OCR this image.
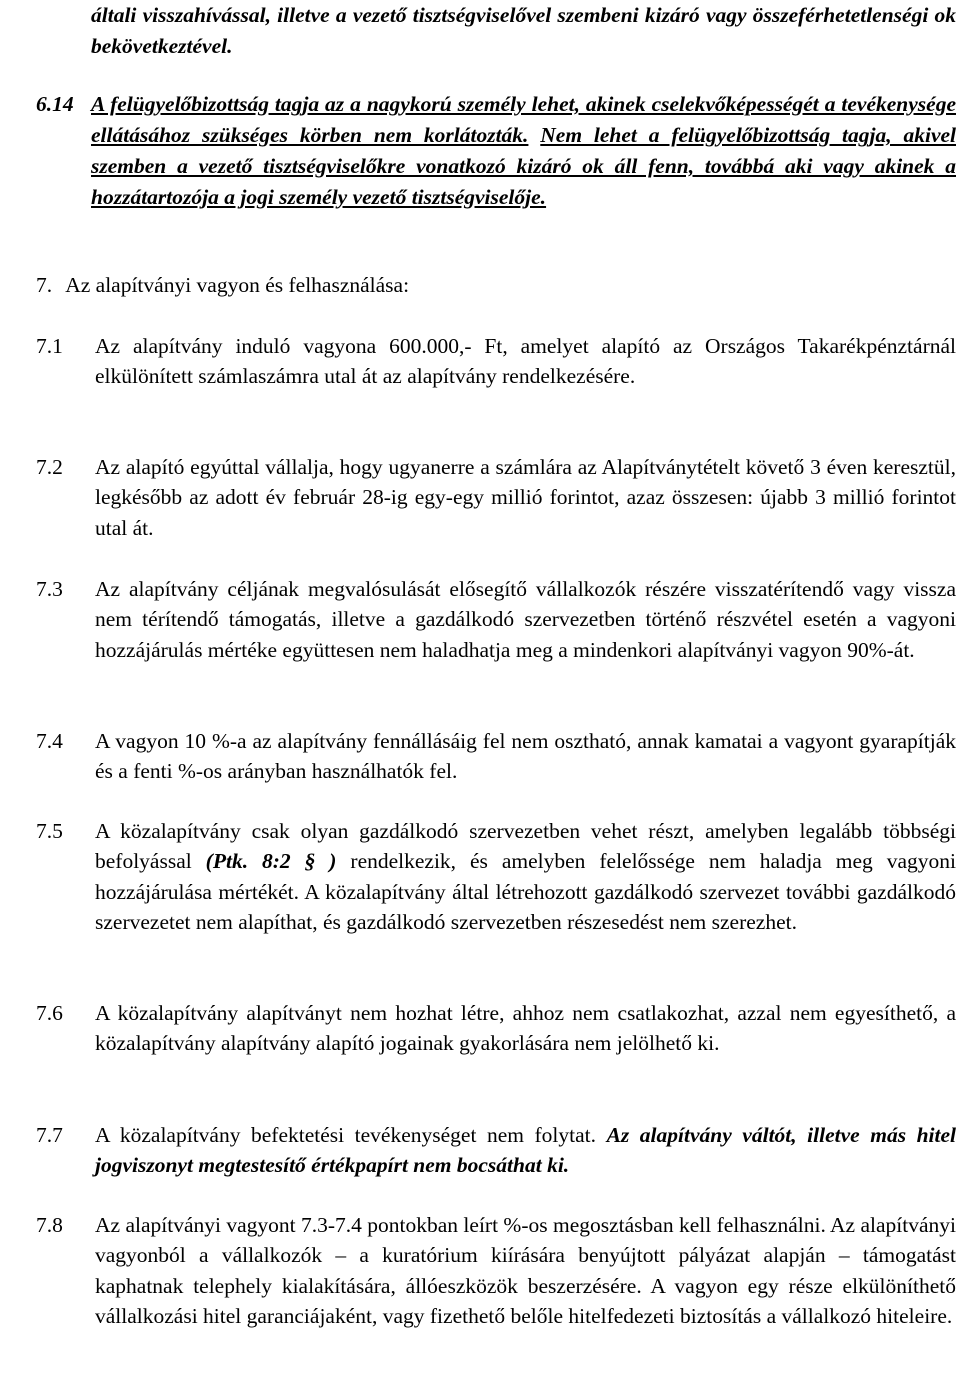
általi visszahívással, illetve a vezető tisztségviselővel szembeni kizáró vagy összeférhetetlenségi ok bekövetkeztével.
6.14 A felügyelőbizottság tagja az a nagykorú személy lehet, akinek cselekvőképességét a tevékenysége ellátásához szükséges körben nem korlátozták. Nem lehet a felügyelőbizottság tagja, akivel szemben a vezető tisztségviselőkre vonatkozó kizáró ok áll fenn, továbbá aki vagy akinek a hozzátartozója a jogi személy vezető tisztségviselője.
7. Az alapítványi vagyon és felhasználása:
7.1 Az alapítvány induló vagyona 600.000,- Ft, amelyet alapító az Országos Takarékpénztárnál elkülönített számlaszámra utal át az alapítvány rendelkezésére.
7.2 Az alapító egyúttal vállalja, hogy ugyanerre a számlára az Alapítványtételt követő 3 éven keresztül, legkésőbb az adott év február 28-ig egy-egy millió forintot, azaz összesen: újabb 3 millió forintot utal át.
7.3 Az alapítvány céljának megvalósulását elősegítő vállalkozók részére visszatérítendő vagy vissza nem térítendő támogatás, illetve a gazdálkodó szervezetben történő részvétel esetén a vagyoni hozzájárulás mértéke együttesen nem haladhatja meg a mindenkori alapítványi vagyon 90%-át.
7.4 A vagyon 10 %-a az alapítvány fennállásáig fel nem osztható, annak kamatai a vagyont gyarapítják és a fenti %-os arányban használhatók fel.
7.5 A közalapítvány csak olyan gazdálkodó szervezetben vehet részt, amelyben legalább többségi befolyással (Ptk. 8:2 § ) rendelkezik, és amelyben felelőssége nem haladja meg vagyoni hozzájárulása mértékét. A közalapítvány által létrehozott gazdálkodó szervezet további gazdálkodó szervezetet nem alapíthat, és gazdálkodó szervezetben részesedést nem szerezhet.
7.6 A közalapítvány alapítványt nem hozhat létre, ahhoz nem csatlakozhat, azzal nem egyesíthető, a közalapítvány alapítvány alapító jogainak gyakorlására nem jelölhető ki.
7.7 A közalapítvány befektetési tevékenységet nem folytat. Az alapítvány váltót, illetve más hitel jogviszonyt megtestesítő értékpapírt nem bocsáthat ki.
7.8 Az alapítványi vagyont 7.3-7.4 pontokban leírt %-os megosztásban kell felhasználni. Az alapítványi vagyonból a vállalkozók – a kuratórium kiírására benyújtott pályázat alapján – támogatást kaphatnak telephely kialakítására, állóeszközök beszerzésére. A vagyon egy része elkülöníthető vállalkozási hitel garanciájaként, vagy fizethető belőle hitelfedezeti biztosítás a vállalkozó hiteleire.
